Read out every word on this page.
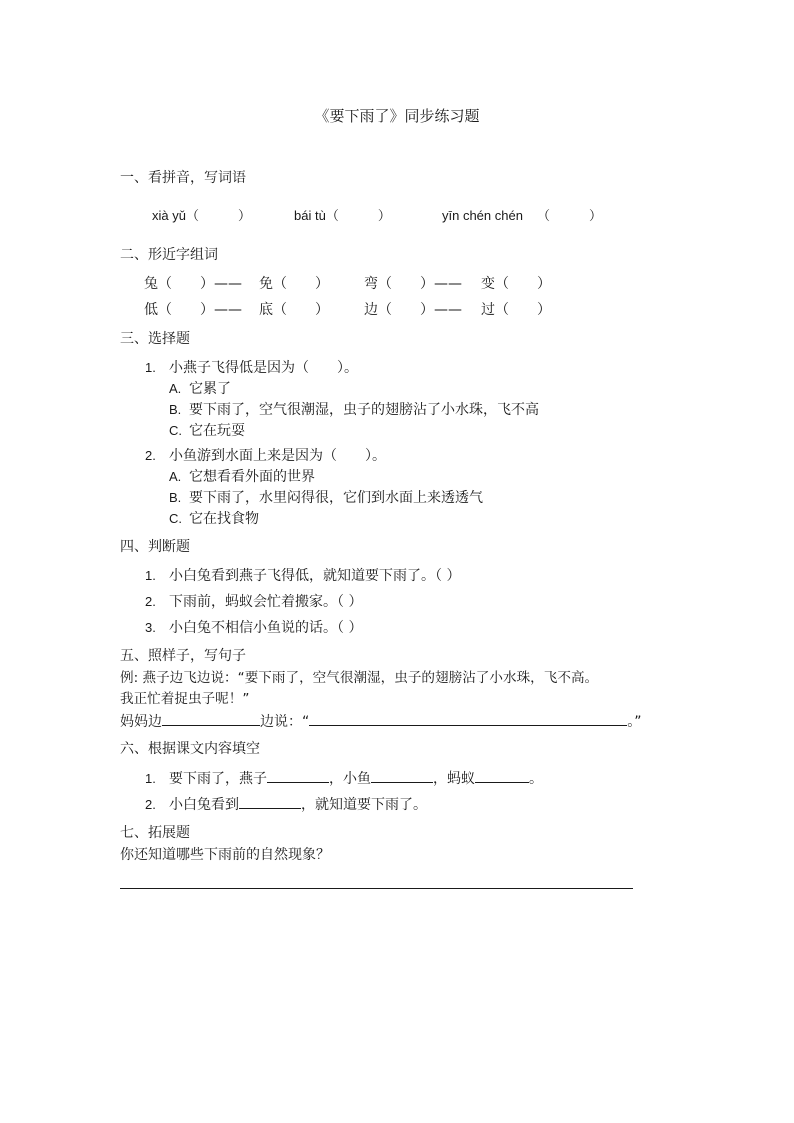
《要下雨了》同步练习题
一、看拼音，写词语
xià yǔ（　　　）	bái tù（　　　）	yīn chén chén （　　　）
二、形近字组词
兔（　　）—— 免（　　）	弯（　　）—— 变（　　）
低（　　）—— 底（　　）	边（　　）—— 过（　　）
三、选择题
1. 小燕子飞得低是因为（　　）。
A. 它累了
B. 要下雨了，空气很潮湿，虫子的翅膀沾了小水珠，飞不高
C. 它在玩耍
2. 小鱼游到水面上来是因为（　　）。
A. 它想看看外面的世界
B. 要下雨了，水里闷得很，它们到水面上来透透气
C. 它在找食物
四、判断题
1. 小白兔看到燕子飞得低，就知道要下雨了。（ ）
2. 下雨前，蚂蚁会忙着搬家。（ ）
3. 小白兔不相信小鱼说的话。（ ）
五、照样子，写句子
例: 燕子边飞边说：“要下雨了，空气很潮湿，虫子的翅膀沾了小水珠，飞不高。
我正忙着捉虫子呢！”
妈妈边	边说：“	。”
六、根据课文内容填空
1. 要下雨了，燕子	，小鱼	，蚂蚁	。
2. 小白兔看到	，就知道要下雨了。
七、拓展题
你还知道哪些下雨前的自然现象？
